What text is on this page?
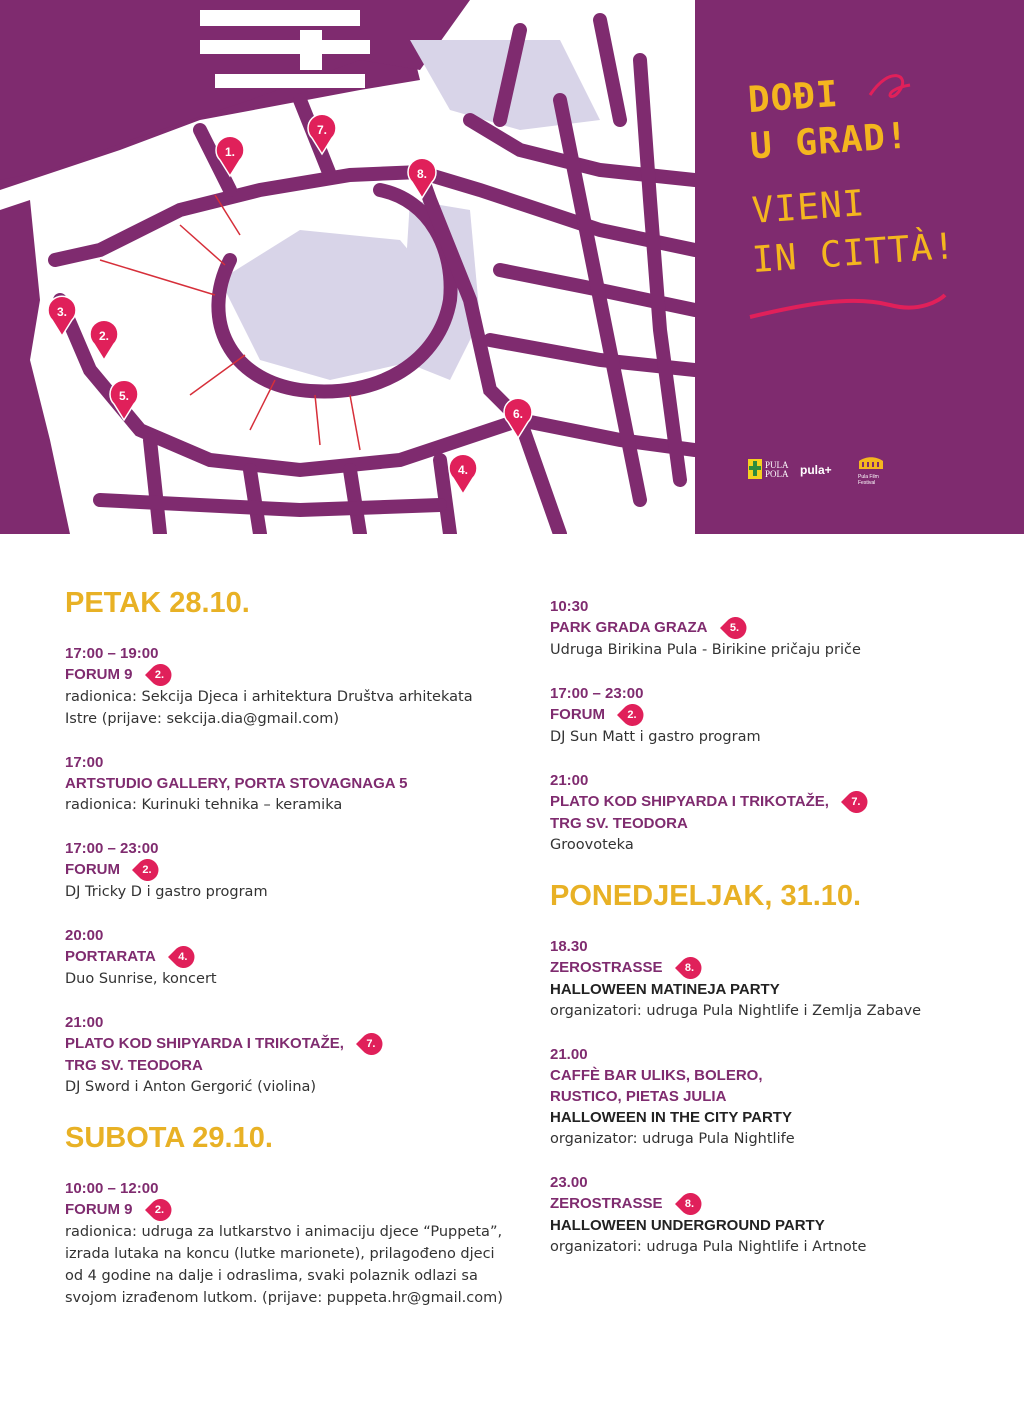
1.
7.
8.
3.
2.
5.
6.
4.
DOĐI
U GRAD!
VIENI
IN CITTÀ!
PULA
POLA pula+	Pula Film Festival
PETAK 28.10.
17:00 – 19:00
FORUM 9	2.
radionica: Sekcija Djeca i arhitektura Društva arhitekata Istre (prijave: sekcija.dia@gmail.com)
17:00
ARTSTUDIO GALLERY, PORTA STOVAGNAGA 5
radionica: Kurinuki tehnika – keramika
17:00 – 23:00
FORUM	2.
DJ Tricky D i gastro program
20:00
PORTARATA	4.
Duo Sunrise, koncert
21:00
PLATO KOD SHIPYARDA I TRIKOTAŽE,	7.
TRG SV. TEODORA
DJ Sword i Anton Gergorić (violina)
SUBOTA 29.10.
10:00 – 12:00
FORUM 9	2.
radionica: udruga za lutkarstvo i animaciju djece “Puppeta”, izrada lutaka na koncu (lutke marionete), prilagođeno djeci od 4 godine na dalje i odraslima, svaki polaznik odlazi sa svojom izrađenom lutkom. (prijave: puppeta.hr@gmail.com)
10:30
PARK GRADA GRAZA	5.
Udruga Birikina Pula - Birikine pričaju priče
17:00 – 23:00
FORUM	2.
DJ Sun Matt i gastro program
21:00
PLATO KOD SHIPYARDA I TRIKOTAŽE,	7.
TRG SV. TEODORA
Groovoteka
PONEDJELJAK, 31.10.
18.30
ZEROSTRASSE	8.
HALLOWEEN MATINEJA PARTY
organizatori: udruga Pula Nightlife i Zemlja Zabave
21.00
CAFFÈ BAR ULIKS, BOLERO,
RUSTICO, PIETAS JULIA
HALLOWEEN IN THE CITY PARTY
organizator: udruga Pula Nightlife
23.00
ZEROSTRASSE	8.
HALLOWEEN UNDERGROUND PARTY
organizatori: udruga Pula Nightlife i Artnote
